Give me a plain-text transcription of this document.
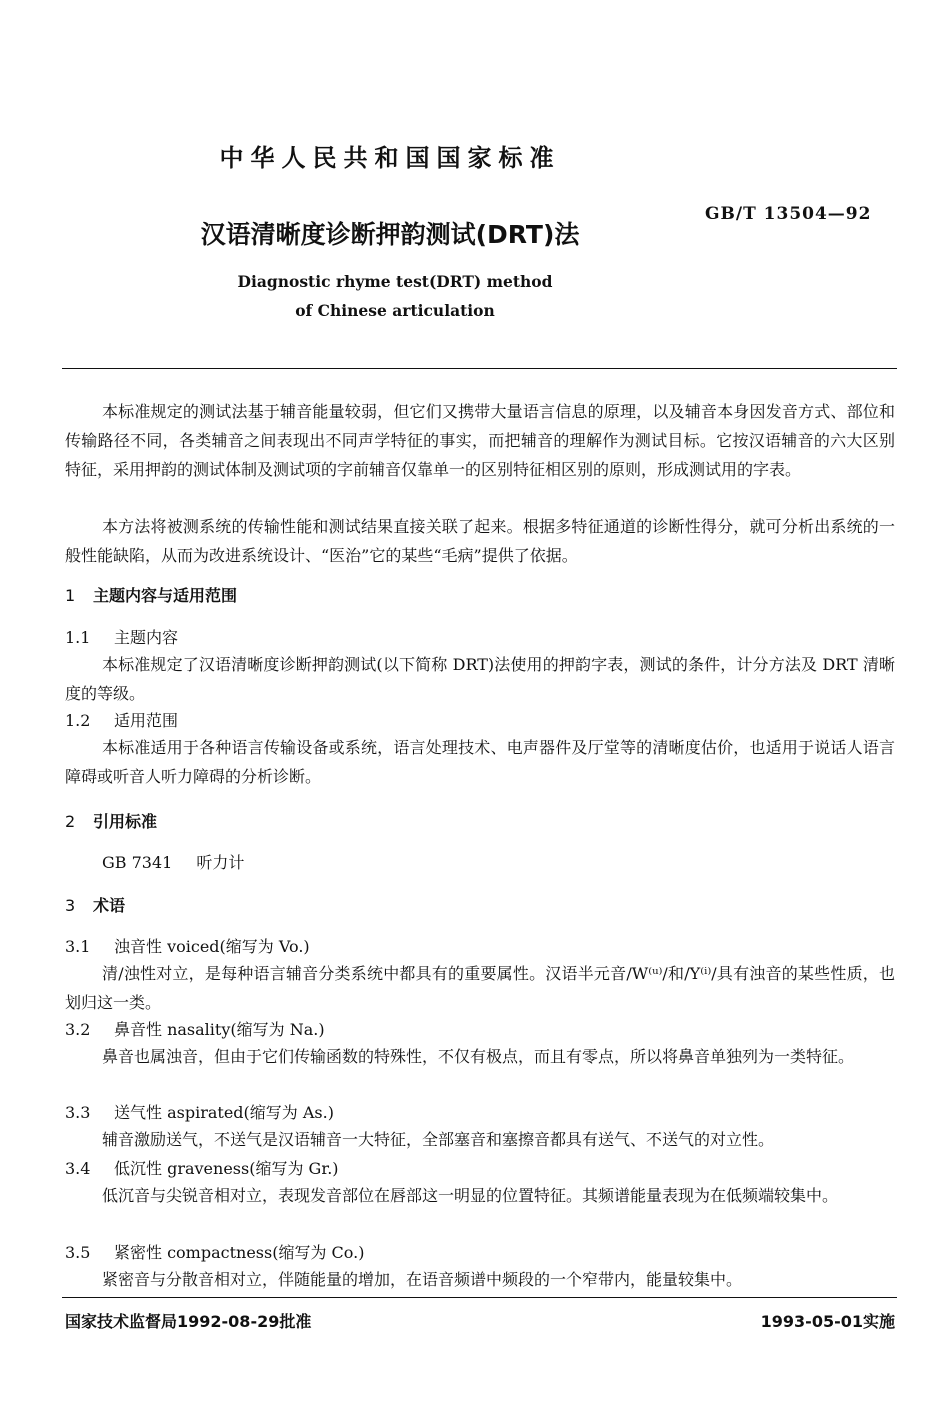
中华人民共和国国家标准
GB/T 13504—92
汉语清晰度诊断押韵测试(DRT)法
Diagnostic rhyme test(DRT) method
of Chinese articulation

本标准规定的测试法基于辅音能量较弱，但它们又携带大量语言信息的原理，以及辅音本身因发音方式、部位和传输路径不同，各类辅音之间表现出不同声学特征的事实，而把辅音的理解作为测试目标。它按汉语辅音的六大区别特征，采用押韵的测试体制及测试项的字前辅音仅靠单一的区别特征相区别的原则，形成测试用的字表。

本方法将被测系统的传输性能和测试结果直接关联了起来。根据多特征通道的诊断性得分，就可分析出系统的一般性能缺陷，从而为改进系统设计、“医治”它的某些“毛病”提供了依据。

1 主题内容与适用范围
1.1 主题内容

本标准规定了汉语清晰度诊断押韵测试(以下简称 DRT)法使用的押韵字表，测试的条件，计分方法及 DRT 清晰度的等级。

1.2 适用范围

本标准适用于各种语言传输设备或系统，语言处理技术、电声器件及厅堂等的清晰度估价，也适用于说话人语言障碍或听音人听力障碍的分析诊断。

2 引用标准
GB 7341 听力计
3 术语
3.1 浊音性 voiced(缩写为 Vo.)

清/浊性对立，是每种语言辅音分类系统中都具有的重要属性。汉语半元音/W⁽ᵘ⁾/和/Y⁽ⁱ⁾/具有浊音的某些性质，也划归这一类。

3.2 鼻音性 nasality(缩写为 Na.)

鼻音也属浊音，但由于它们传输函数的特殊性，不仅有极点，而且有零点，所以将鼻音单独列为一类特征。

3.3 送气性 aspirated(缩写为 As.)

辅音激励送气，不送气是汉语辅音一大特征，全部塞音和塞擦音都具有送气、不送气的对立性。

3.4 低沉性 graveness(缩写为 Gr.)

低沉音与尖锐音相对立，表现发音部位在唇部这一明显的位置特征。其频谱能量表现为在低频端较集中。

3.5 紧密性 compactness(缩写为 Co.)

紧密音与分散音相对立，伴随能量的增加，在语音频谱中频段的一个窄带内，能量较集中。

国家技术监督局1992-08-29批准	1993-05-01实施
